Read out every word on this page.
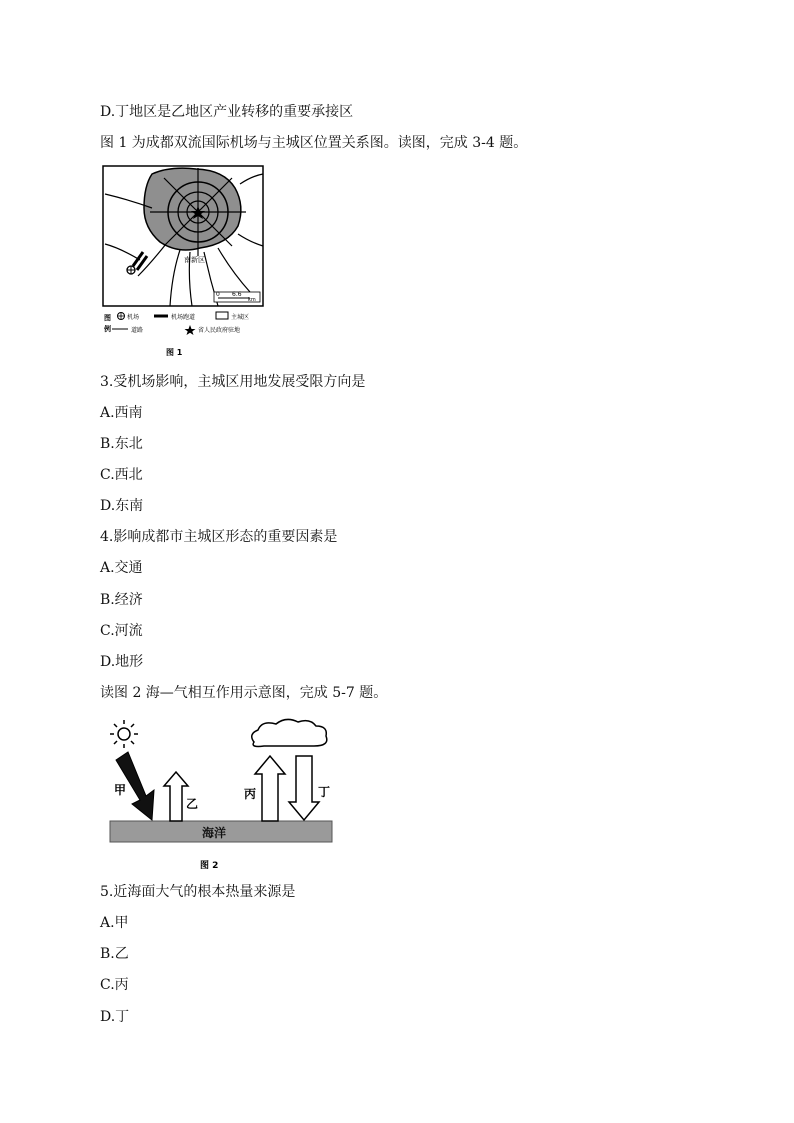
D.丁地区是乙地区产业转移的重要承接区
图 1 为成都双流国际机场与主城区位置关系图。读图，完成 3-4 题。
南新区
0 6.6
km
图
例
机场	机场跑道	主城区
道路	省人民政府驻地
图 1
3.受机场影响，主城区用地发展受限方向是
A.西南
B.东北
C.西北
D.东南
4.影响成都市主城区形态的重要因素是
A.交通
B.经济
C.河流
D.地形
读图 2 海—气相互作用示意图，完成 5-7 题。
海洋
甲
乙
丙	丁
图 2
5.近海面大气的根本热量来源是
A.甲
B.乙
C.丙
D.丁
